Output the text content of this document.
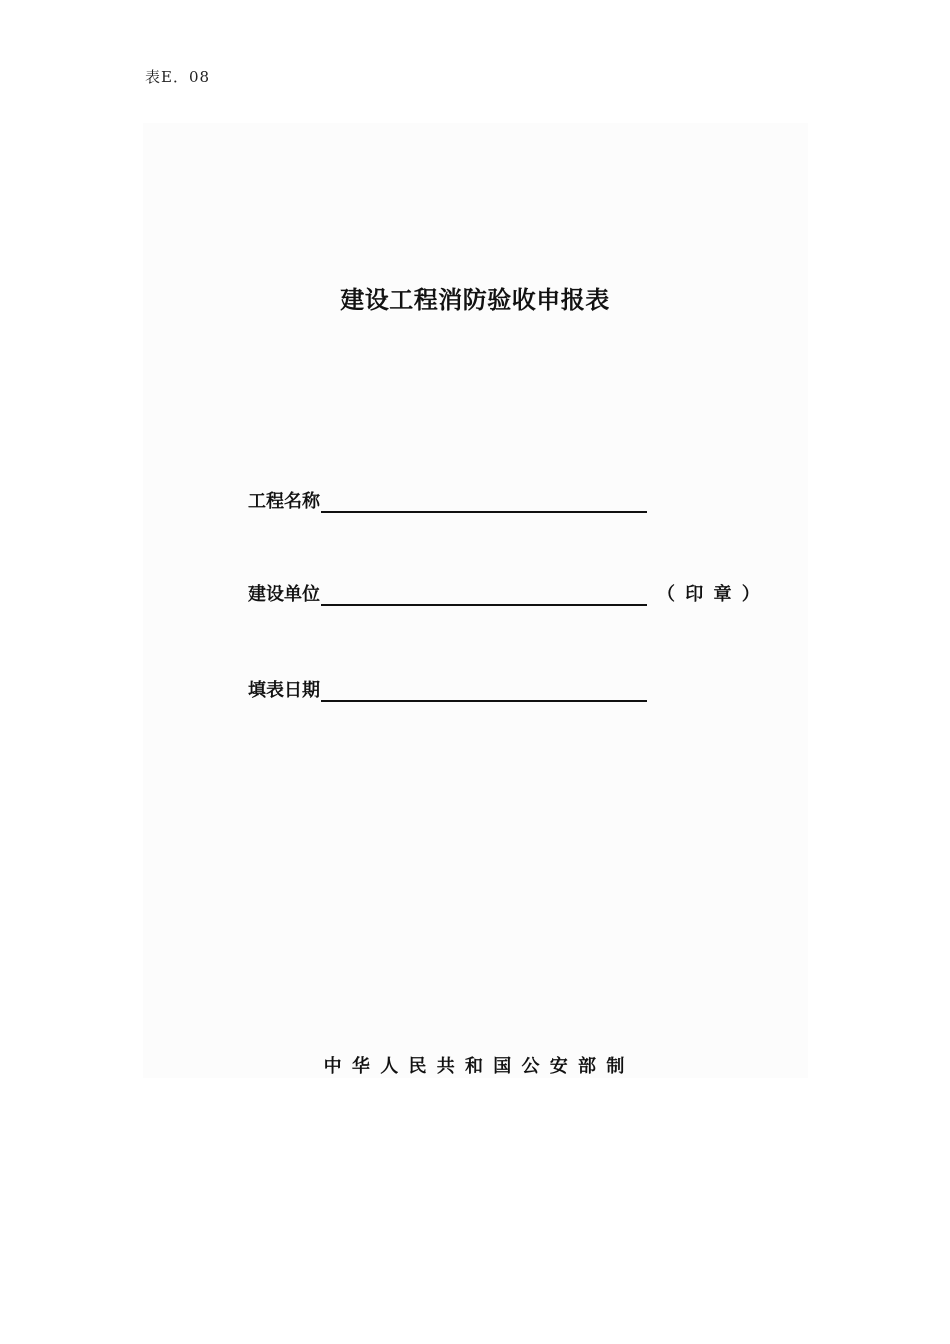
表E．08
建设工程消防验收申报表
工程名称
建设单位	（ 印 章 ）
填表日期
中 华 人 民 共 和 国 公 安 部 制
